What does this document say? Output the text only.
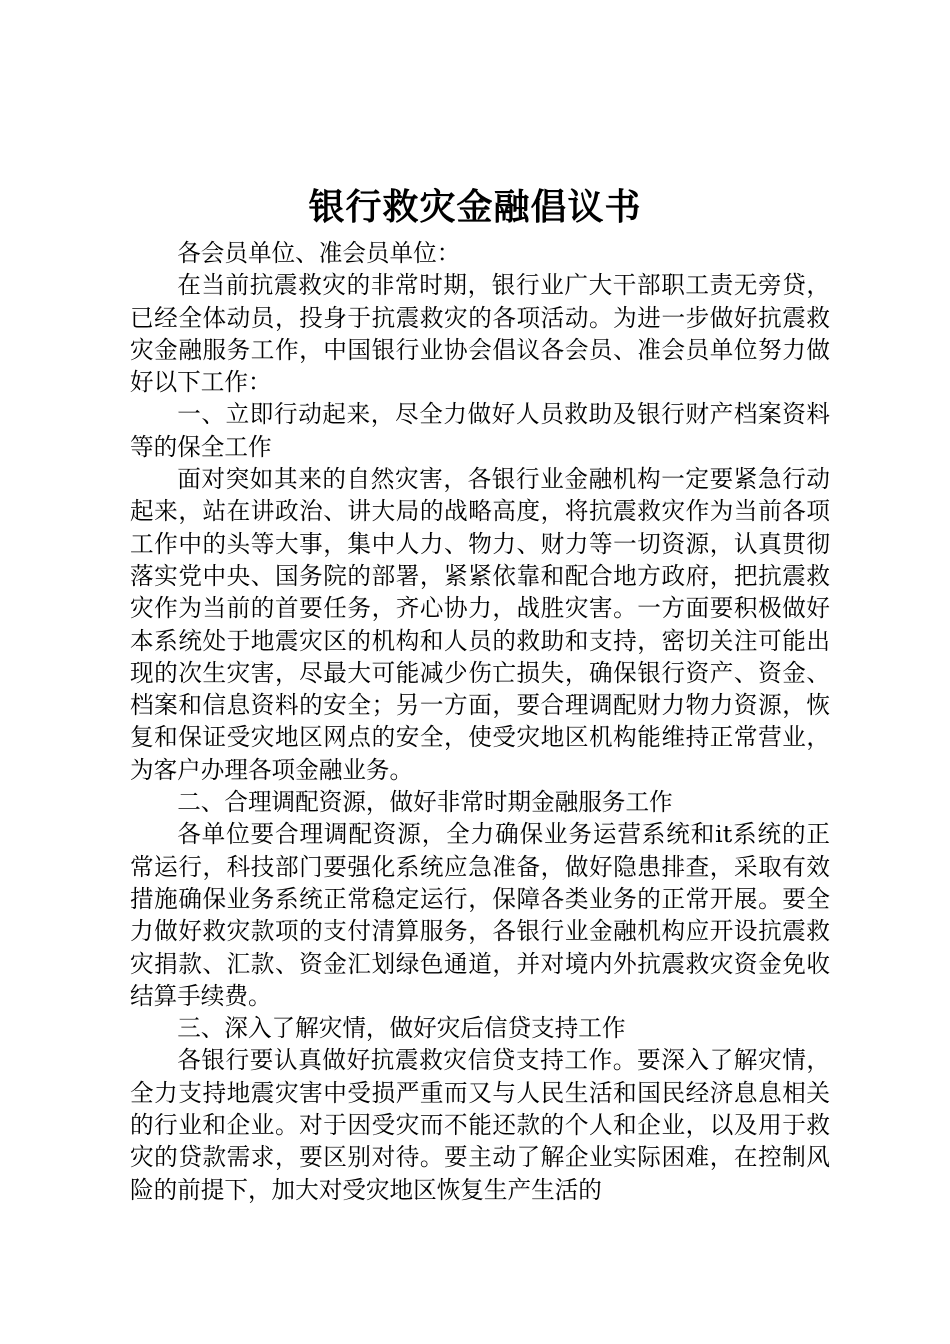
银行救灾金融倡议书

各会员单位、准会员单位：

在当前抗震救灾的非常时期，银行业广大干部职工责无旁贷，已经全体动员，投身于抗震救灾的各项活动。为进一步做好抗震救灾金融服务工作，中国银行业协会倡议各会员、准会员单位努力做好以下工作：

一、立即行动起来，尽全力做好人员救助及银行财产档案资料等的保全工作

面对突如其来的自然灾害，各银行业金融机构一定要紧急行动起来，站在讲政治、讲大局的战略高度，将抗震救灾作为当前各项工作中的头等大事，集中人力、物力、财力等一切资源，认真贯彻落实党中央、国务院的部署，紧紧依靠和配合地方政府，把抗震救灾作为当前的首要任务，齐心协力，战胜灾害。一方面要积极做好本系统处于地震灾区的机构和人员的救助和支持，密切关注可能出现的次生灾害，尽最大可能减少伤亡损失，确保银行资产、资金、档案和信息资料的安全；另一方面，要合理调配财力物力资源，恢复和保证受灾地区网点的安全，使受灾地区机构能维持正常营业，为客户办理各项金融业务。

二、合理调配资源，做好非常时期金融服务工作

各单位要合理调配资源，全力确保业务运营系统和it系统的正常运行，科技部门要强化系统应急准备，做好隐患排查，采取有效措施确保业务系统正常稳定运行，保障各类业务的正常开展。要全力做好救灾款项的支付清算服务，各银行业金融机构应开设抗震救灾捐款、汇款、资金汇划绿色通道，并对境内外抗震救灾资金免收结算手续费。

三、深入了解灾情，做好灾后信贷支持工作

各银行要认真做好抗震救灾信贷支持工作。要深入了解灾情，全力支持地震灾害中受损严重而又与人民生活和国民经济息息相关的行业和企业。对于因受灾而不能还款的个人和企业，以及用于救灾的贷款需求，要区别对待。要主动了解企业实际困难，在控制风险的前提下，加大对受灾地区恢复生产生活的
